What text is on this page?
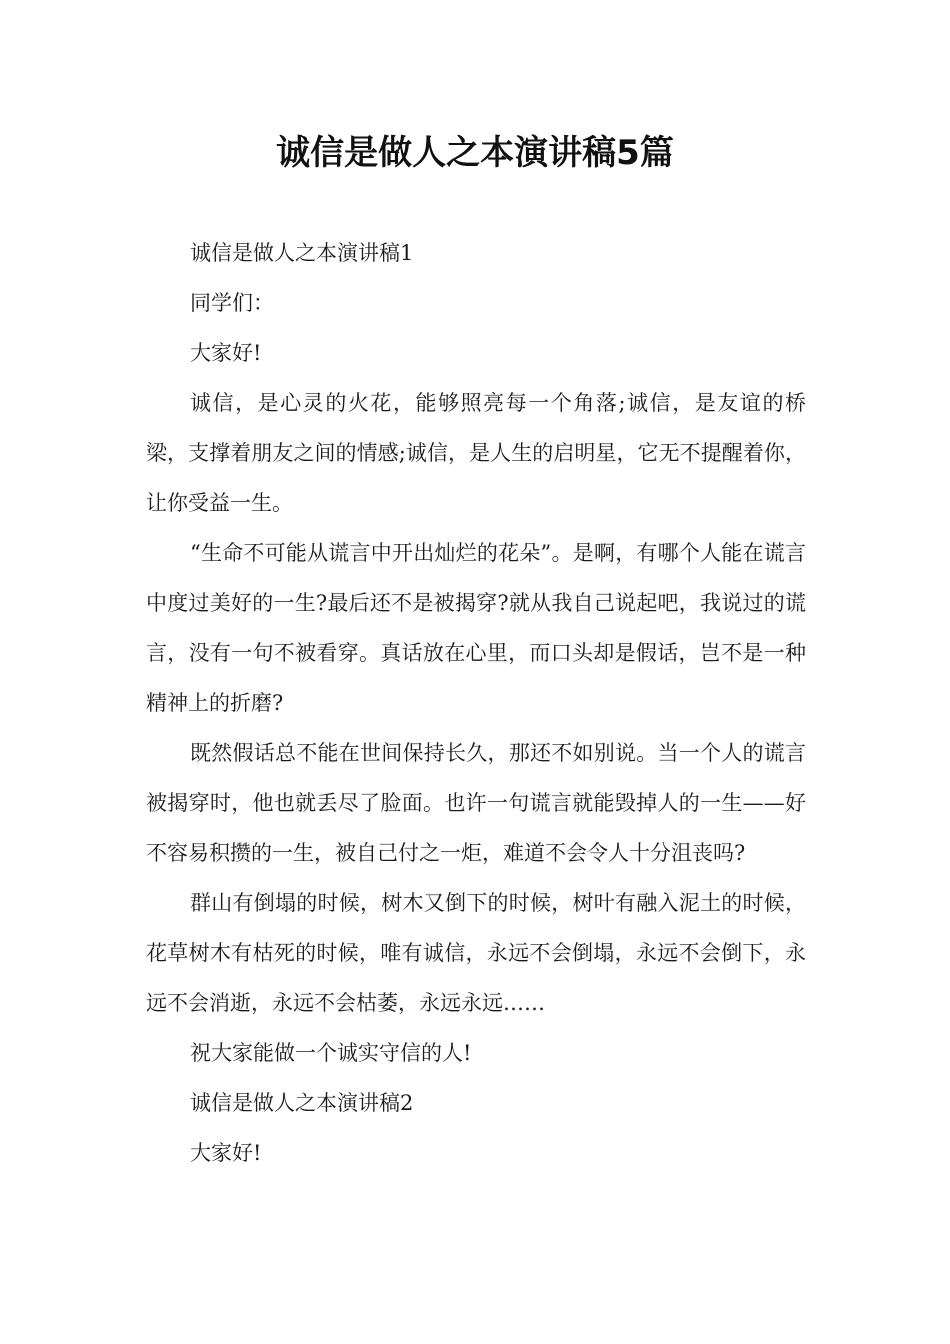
诚信是做人之本演讲稿5篇

诚信是做人之本演讲稿1

同学们：

大家好!

诚信，是心灵的火花，能够照亮每一个角落;诚信，是友谊的桥梁，支撑着朋友之间的情感;诚信，是人生的启明星，它无不提醒着你，让你受益一生。

“生命不可能从谎言中开出灿烂的花朵”。是啊，有哪个人能在谎言中度过美好的一生?最后还不是被揭穿?就从我自己说起吧，我说过的谎言，没有一句不被看穿。真话放在心里，而口头却是假话，岂不是一种精神上的折磨?

既然假话总不能在世间保持长久，那还不如别说。当一个人的谎言被揭穿时，他也就丢尽了脸面。也许一句谎言就能毁掉人的一生——好不容易积攒的一生，被自己付之一炬，难道不会令人十分沮丧吗?

群山有倒塌的时候，树木又倒下的时候，树叶有融入泥土的时候，花草树木有枯死的时候，唯有诚信，永远不会倒塌，永远不会倒下，永远不会消逝，永远不会枯萎，永远永远……

祝大家能做一个诚实守信的人!

诚信是做人之本演讲稿2

大家好!
